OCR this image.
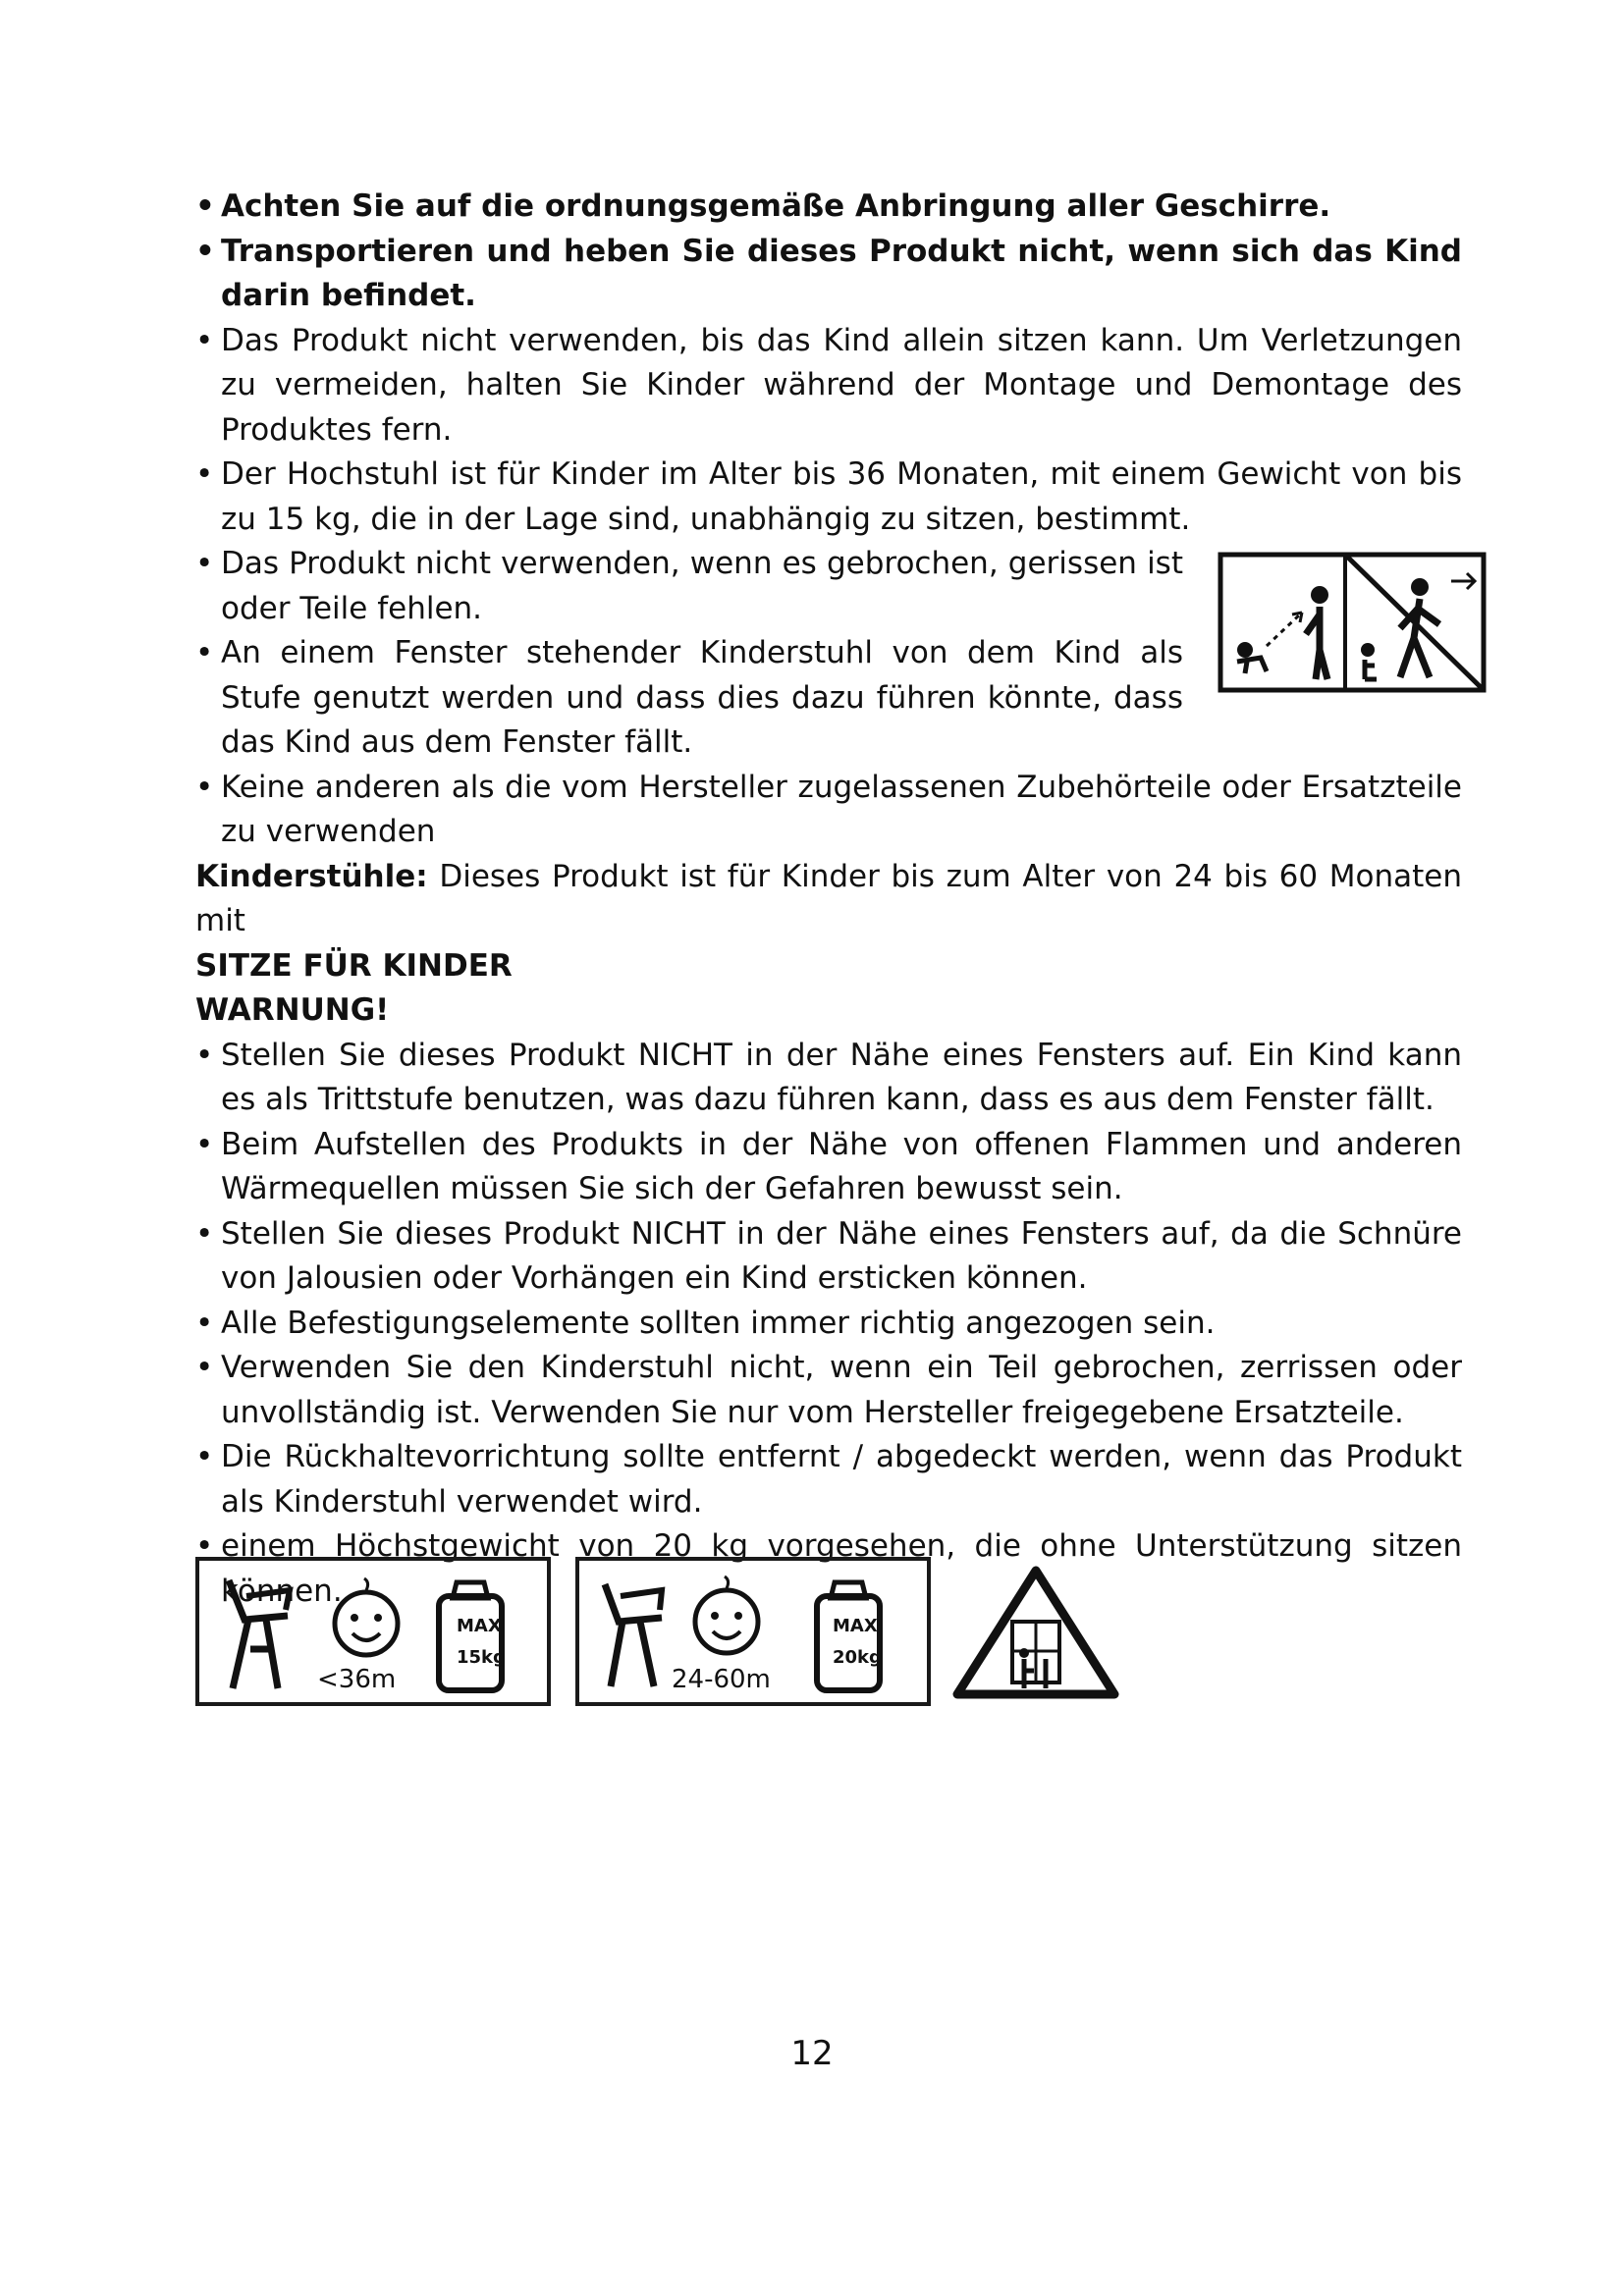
• Achten Sie auf die ordnungsgemäße Anbringung aller Geschirre.
• Transportieren und heben Sie dieses Produkt nicht, wenn sich das Kind darin befindet.
• Das Produkt nicht verwenden, bis das Kind allein sitzen kann. Um Verletzungen zu vermeiden, halten Sie Kinder während der Montage und Demontage des Produktes fern.
• Der Hochstuhl ist für Kinder im Alter bis 36 Monaten, mit einem Gewicht von bis zu 15 kg, die in der Lage sind, unabhängig zu sitzen, bestimmt.
• Das Produkt nicht verwenden, wenn es gebrochen, gerissen ist oder Teile fehlen.
• An einem Fenster stehender Kinderstuhl von dem Kind als Stufe genutzt werden und dass dies dazu führen könnte, dass das Kind aus dem Fenster fällt.
• Keine anderen als die vom Hersteller zugelassenen Zubehörteile oder Ersatzteile zu verwenden
Kinderstühle: Dieses Produkt ist für Kinder bis zum Alter von 24 bis 60 Monaten mit
SITZE FÜR KINDER
WARNUNG!
• Stellen Sie dieses Produkt NICHT in der Nähe eines Fensters auf. Ein Kind kann es als Trittstufe benutzen, was dazu führen kann, dass es aus dem Fenster fällt.
• Beim Aufstellen des Produkts in der Nähe von offenen Flammen und anderen Wärmequellen müssen Sie sich der Gefahren bewusst sein.
• Stellen Sie dieses Produkt NICHT in der Nähe eines Fensters auf, da die Schnüre von Jalousien oder Vorhängen ein Kind ersticken können.
• Alle Befestigungselemente sollten immer richtig angezogen sein.
• Verwenden Sie den Kinderstuhl nicht, wenn ein Teil gebrochen, zerrissen oder unvollständig ist. Verwenden Sie nur vom Hersteller freigegebene Ersatzteile.
• Die Rückhaltevorrichtung sollte entfernt / abgedeckt werden, wenn das Produkt als Kinderstuhl verwendet wird.
• einem Höchstgewicht von 20 kg vorgesehen, die ohne Unterstützung sitzen können.
<36m
MAX
15kg
24-60m
MAX
20kg
12
